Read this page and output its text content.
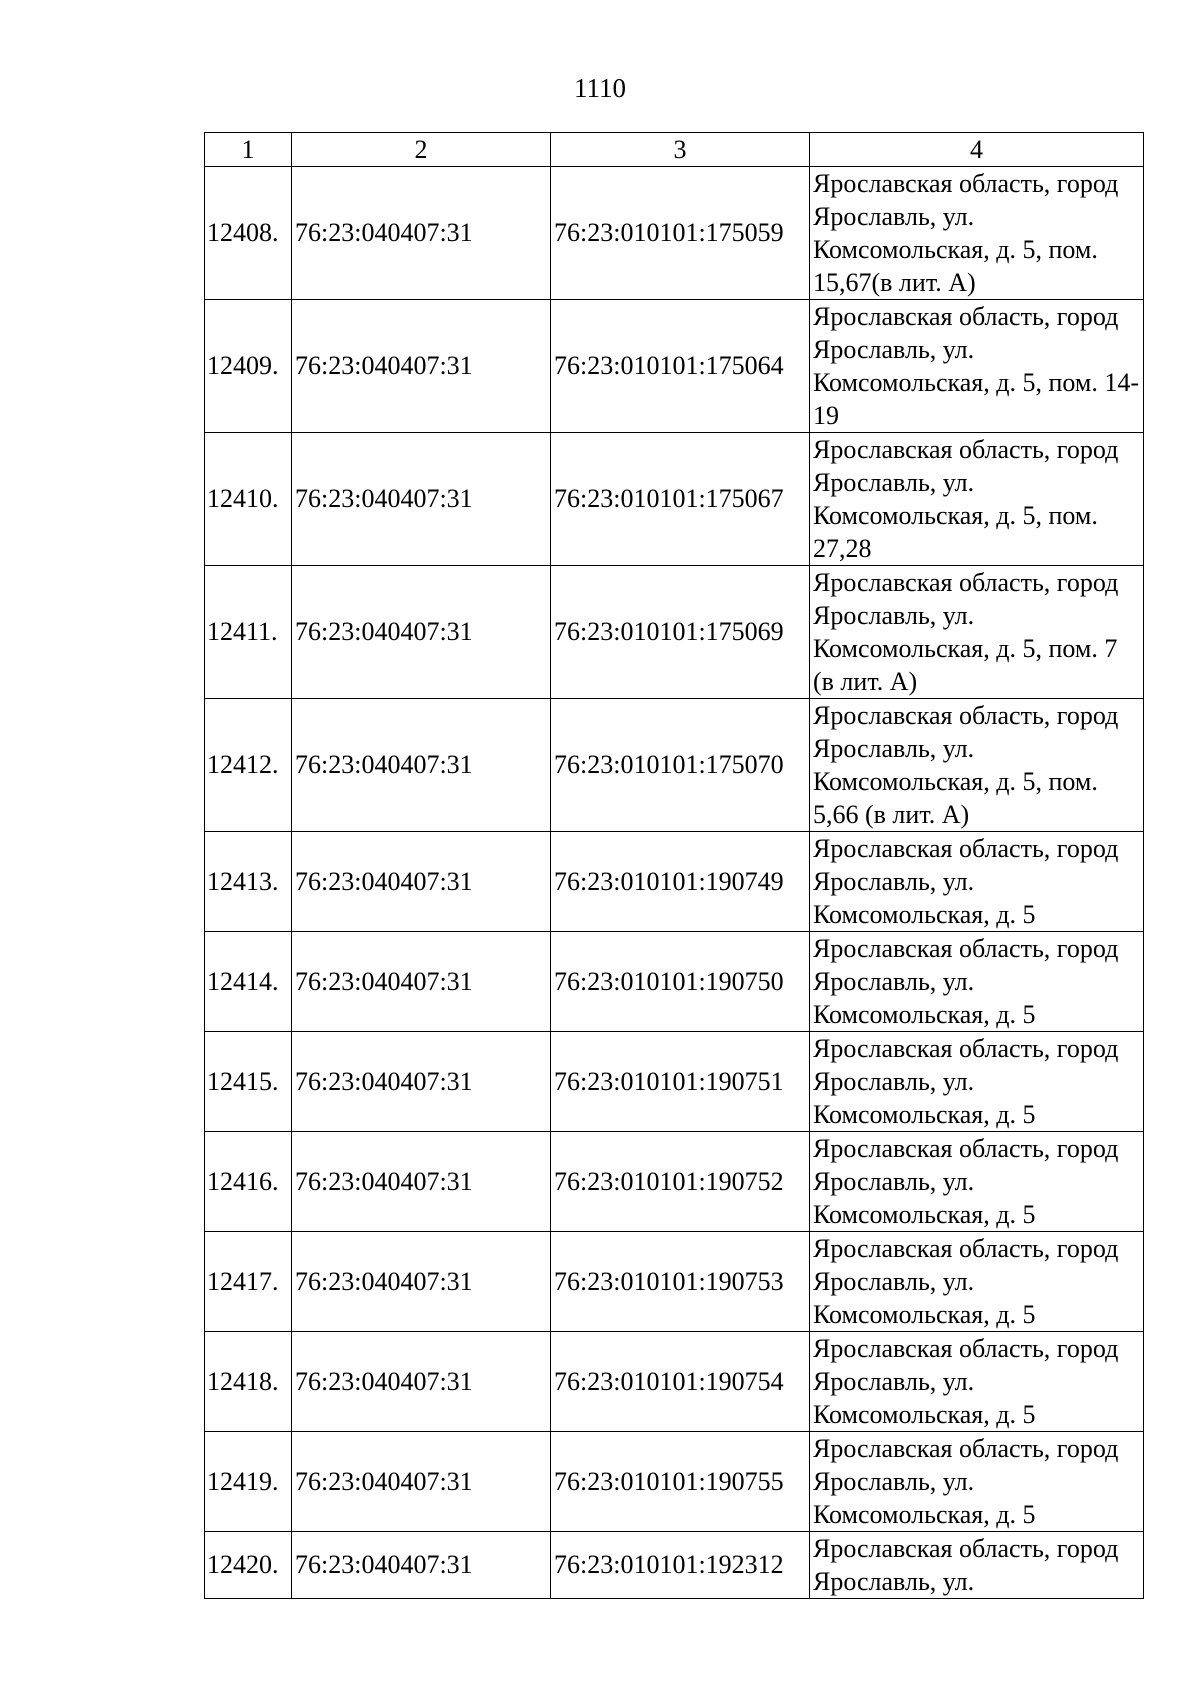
1110
1	2	3	4
12408.	76:23:040407:31	76:23:010101:175059	Ярославская область, город Ярославль, ул. Комсомольская, д. 5, пом. 15,67(в лит. А)
12409.	76:23:040407:31	76:23:010101:175064	Ярославская область, город Ярославль, ул. Комсомольская, д. 5, пом. 14-19
12410.	76:23:040407:31	76:23:010101:175067	Ярославская область, город Ярославль, ул. Комсомольская, д. 5, пом. 27,28
12411.	76:23:040407:31	76:23:010101:175069	Ярославская область, город Ярославль, ул. Комсомольская, д. 5, пом. 7 (в лит. А)
12412.	76:23:040407:31	76:23:010101:175070	Ярославская область, город Ярославль, ул. Комсомольская, д. 5, пом. 5,66 (в лит. А)
12413.	76:23:040407:31	76:23:010101:190749	Ярославская область, город Ярославль, ул. Комсомольская, д. 5
12414.	76:23:040407:31	76:23:010101:190750	Ярославская область, город Ярославль, ул. Комсомольская, д. 5
12415.	76:23:040407:31	76:23:010101:190751	Ярославская область, город Ярославль, ул. Комсомольская, д. 5
12416.	76:23:040407:31	76:23:010101:190752	Ярославская область, город Ярославль, ул. Комсомольская, д. 5
12417.	76:23:040407:31	76:23:010101:190753	Ярославская область, город Ярославль, ул. Комсомольская, д. 5
12418.	76:23:040407:31	76:23:010101:190754	Ярославская область, город Ярославль, ул. Комсомольская, д. 5
12419.	76:23:040407:31	76:23:010101:190755	Ярославская область, город Ярославль, ул. Комсомольская, д. 5
12420.	76:23:040407:31	76:23:010101:192312	Ярославская область, город Ярославль, ул.
